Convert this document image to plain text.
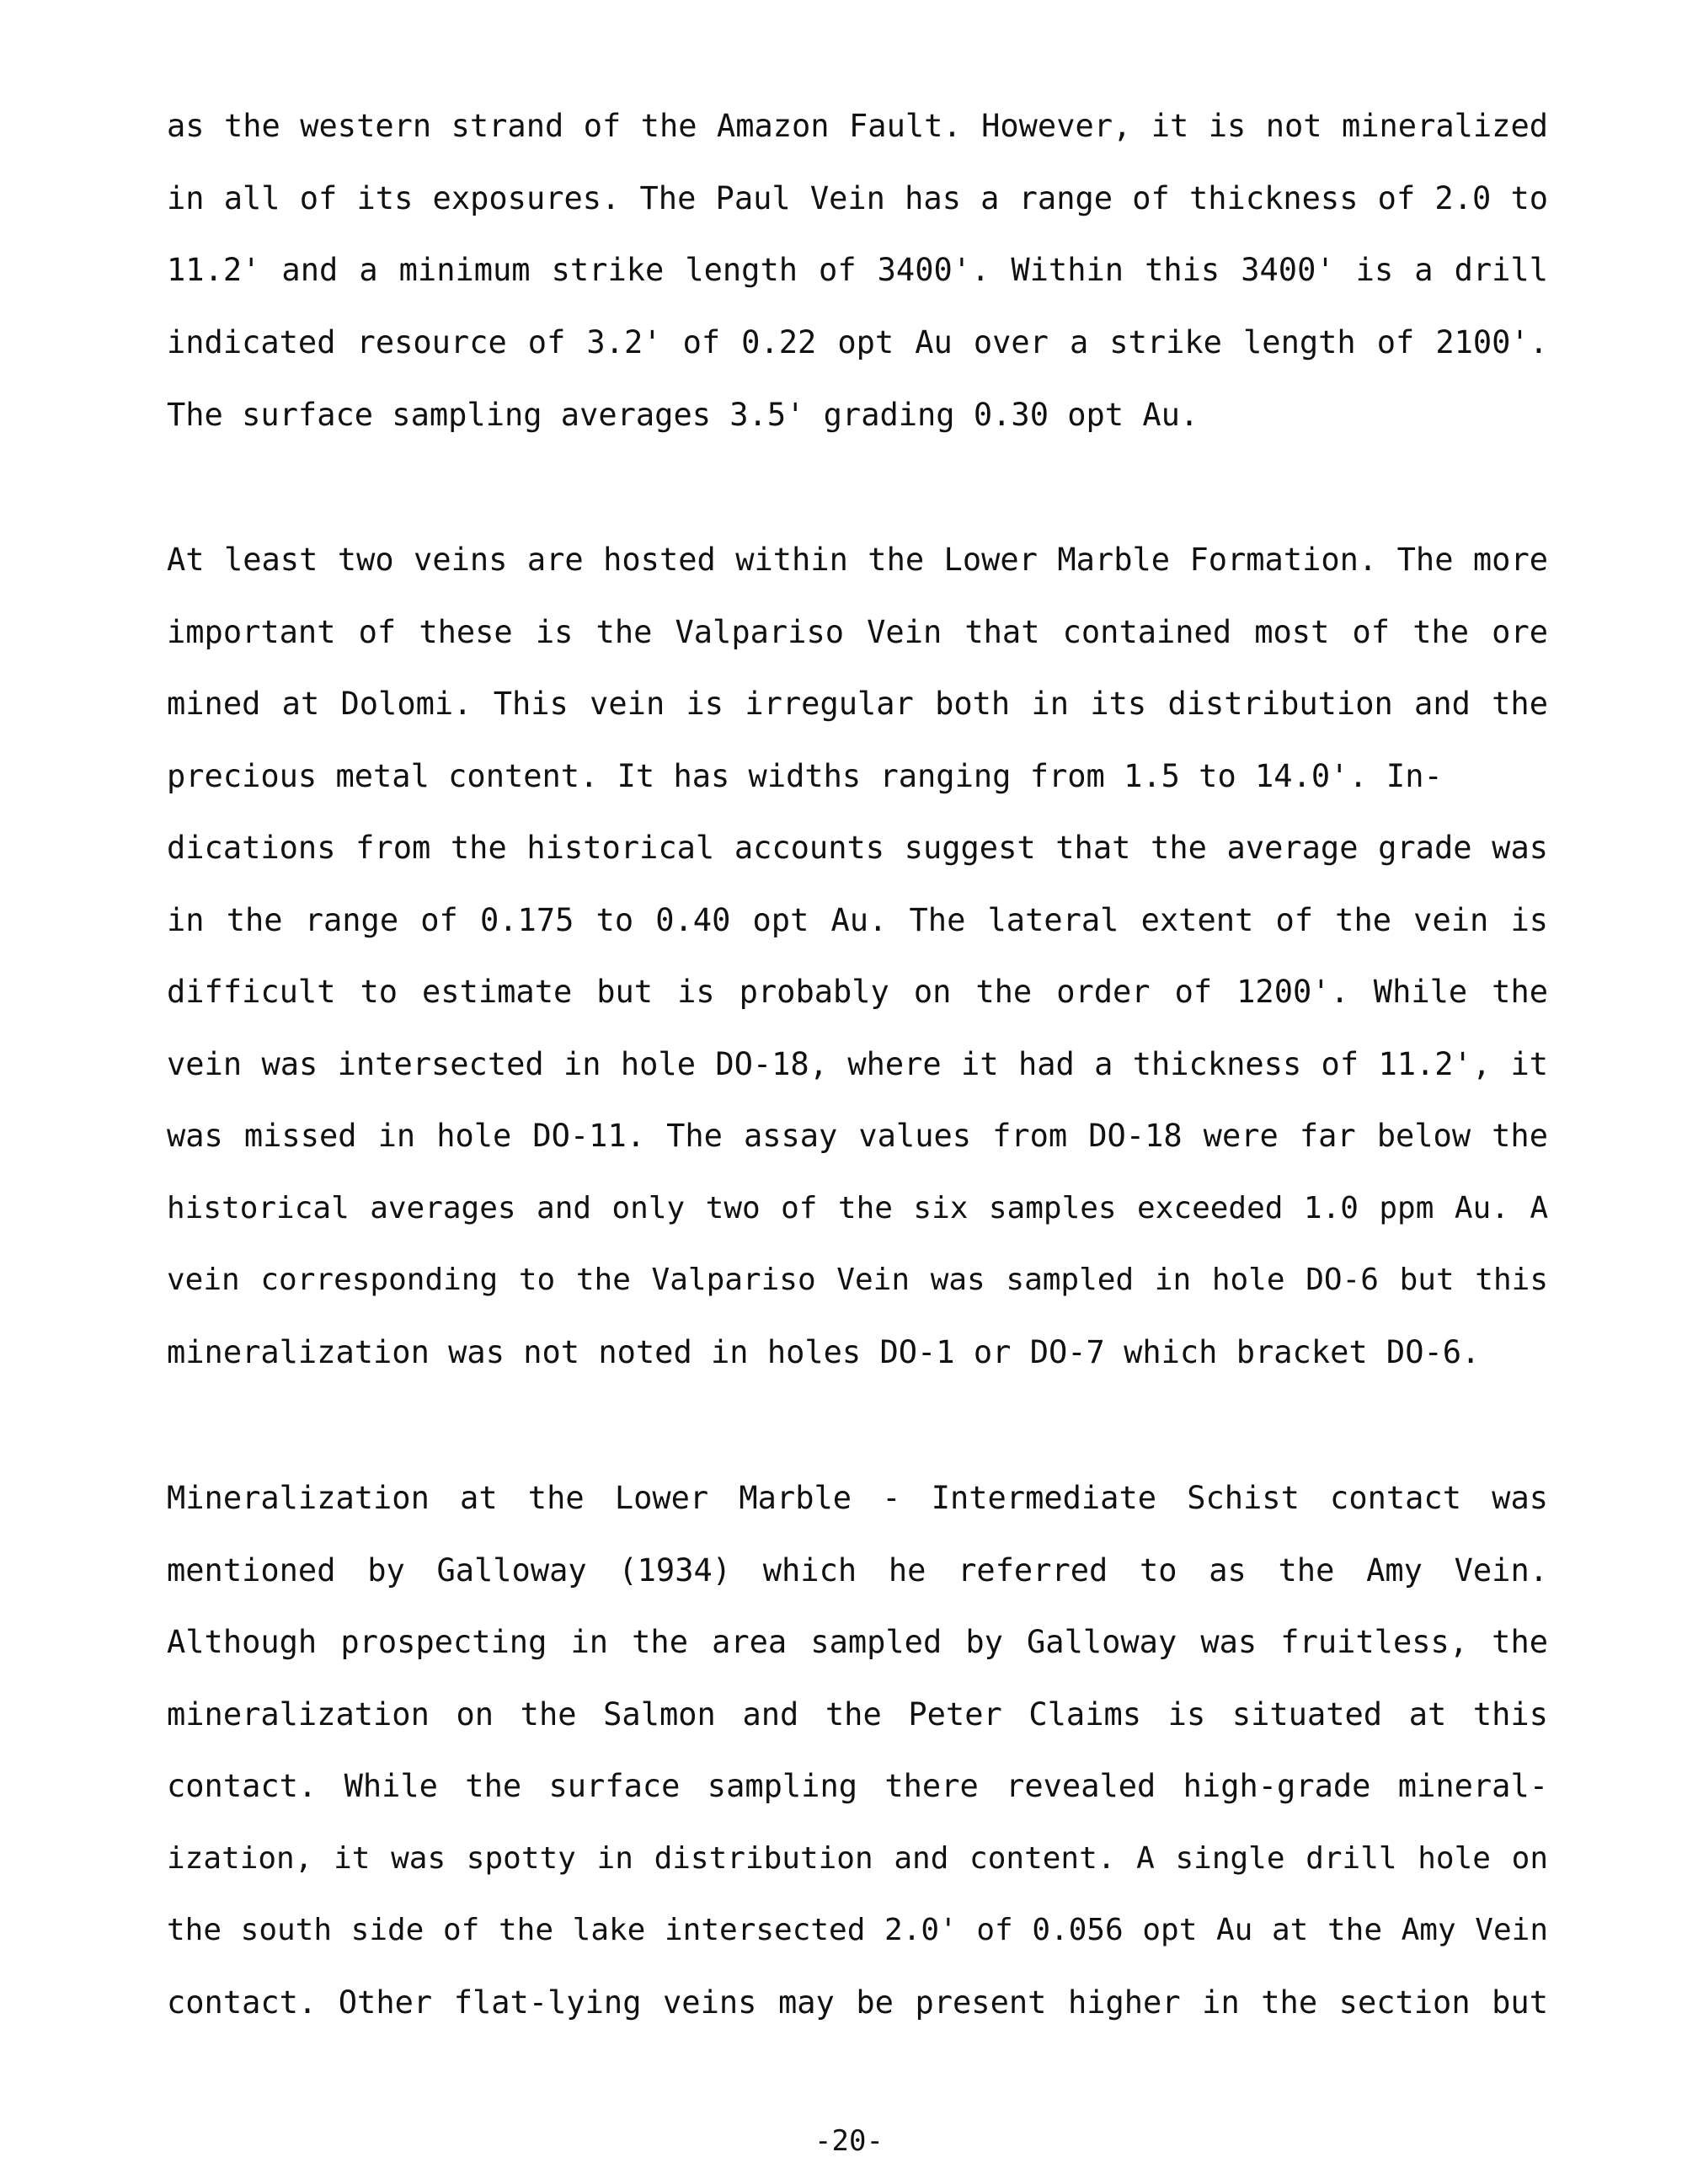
as the western strand of the Amazon Fault. However, it is not mineralized
in all of its exposures. The Paul Vein has a range of thickness of 2.0 to
11.2' and a minimum strike length of 3400'. Within this 3400' is a drill
indicated resource of 3.2' of 0.22 opt Au over a strike length of 2100'.
The surface sampling averages 3.5' grading 0.30 opt Au.
At least two veins are hosted within the Lower Marble Formation. The more
important of these is the Valpariso Vein that contained most of the ore
mined at Dolomi. This vein is irregular both in its distribution and the
precious metal content. It has widths ranging from 1.5 to 14.0'. In-
dications from the historical accounts suggest that the average grade was
in the range of 0.175 to 0.40 opt Au. The lateral extent of the vein is
difficult to estimate but is probably on the order of 1200'. While the
vein was intersected in hole DO-18, where it had a thickness of 11.2', it
was missed in hole DO-11. The assay values from DO-18 were far below the
historical averages and only two of the six samples exceeded 1.0 ppm Au. A
vein corresponding to the Valpariso Vein was sampled in hole DO-6 but this
mineralization was not noted in holes DO-1 or DO-7 which bracket DO-6.
Mineralization at the Lower Marble - Intermediate Schist contact was
mentioned by Galloway (1934) which he referred to as the Amy Vein.
Although prospecting in the area sampled by Galloway was fruitless, the
mineralization on the Salmon and the Peter Claims is situated at this
contact. While the surface sampling there revealed high-grade mineral-
ization, it was spotty in distribution and content. A single drill hole on
the south side of the lake intersected 2.0' of 0.056 opt Au at the Amy Vein
contact. Other flat-lying veins may be present higher in the section but
-20-
